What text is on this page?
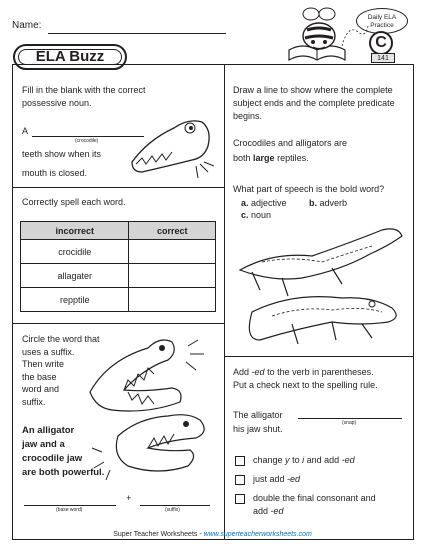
Name:
ELA Buzz
Daily ELA
Practice
C
141
Fill in the blank with the correct possessive noun.
A
(crocodile)
teeth show when its
mouth is closed.
Draw a line to show where the complete subject ends and the complete predicate begins.
Crocodiles and alligators are
both large reptiles.
What part of speech is the bold word?
a. adjective b. adverb
c. noun
Correctly spell each word.
incorrect	correct
crocidile	
allagater	
repptile	
Circle the word that
uses a suffix.
Then write
the base
word and
suffix.
An alligator
jaw and a
crocodile jaw
are both powerful.
+
(base word)	(suffix)
Add -ed to the verb in parentheses.
Put a check next to the spelling rule.
The alligator
(snap)
his jaw shut.
change y to i and add -ed
just add -ed
double the final consonant and
add -ed
Super Teacher Worksheets - www.superteacherworksheets.com
